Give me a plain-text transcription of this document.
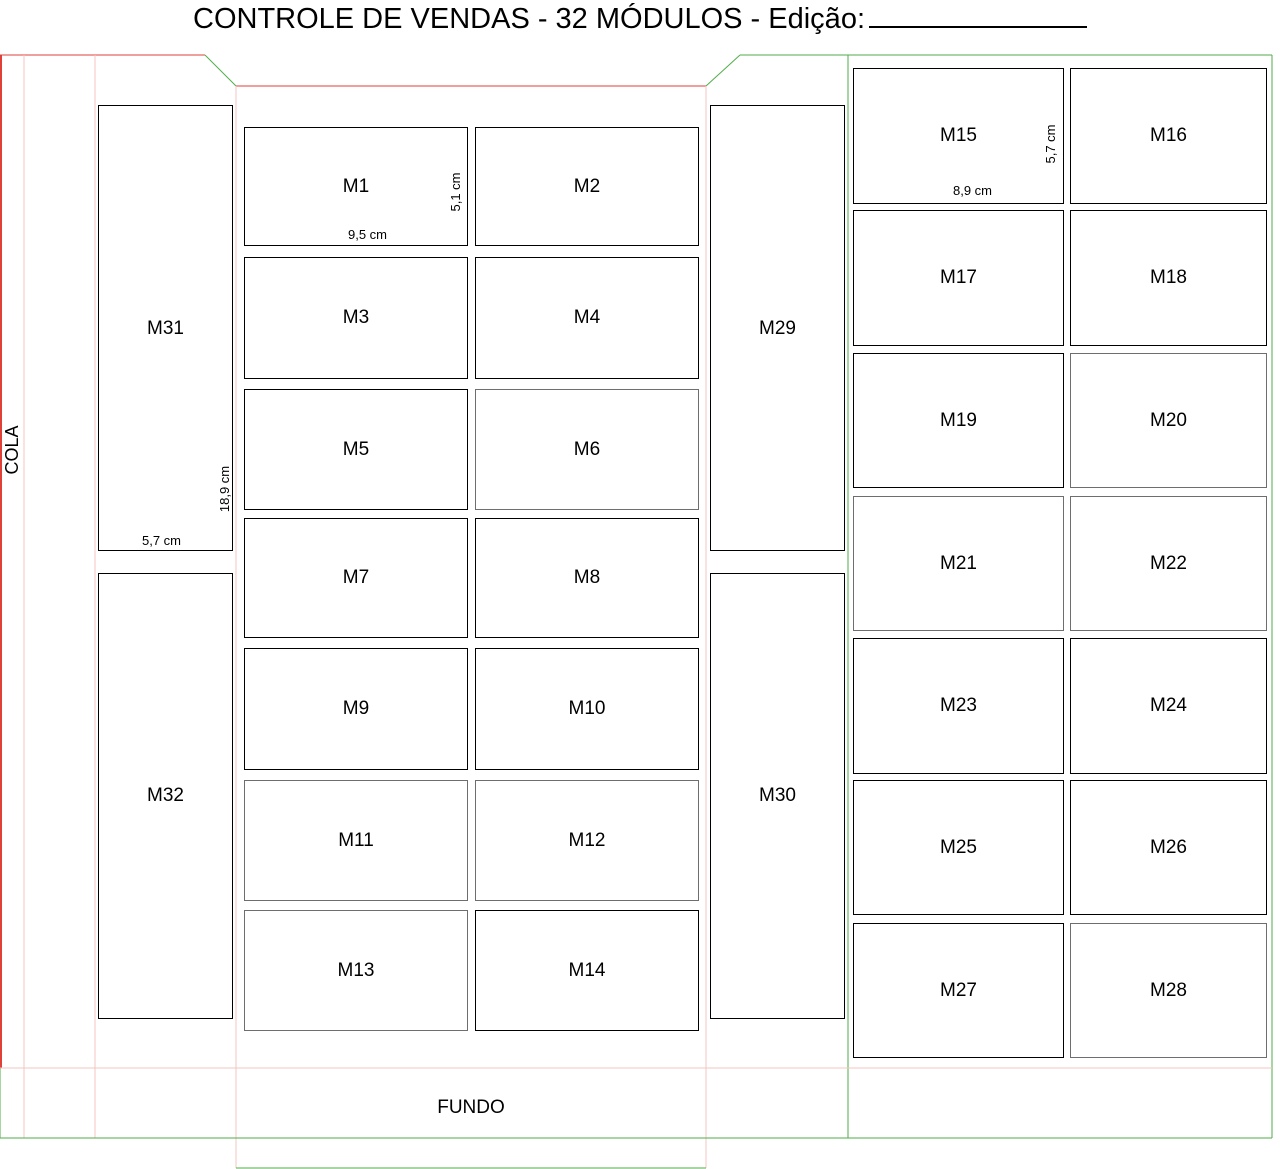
CONTROLE DE VENDAS - 32 MÓDULOS - Edição:
COLA
FUNDO
M31
M32
M1	M2
M3	M4
M5	M6
M7	M8
M9	M10
M11	M12
M13	M14
M29
M30
M15	M16
M17	M18
M19	M20
M21	M22
M23	M24
M25	M26
M27	M28
9,5 cm
5,1 cm	8,9 cm
5,7 cm
5,7 cm
18,9 cm
